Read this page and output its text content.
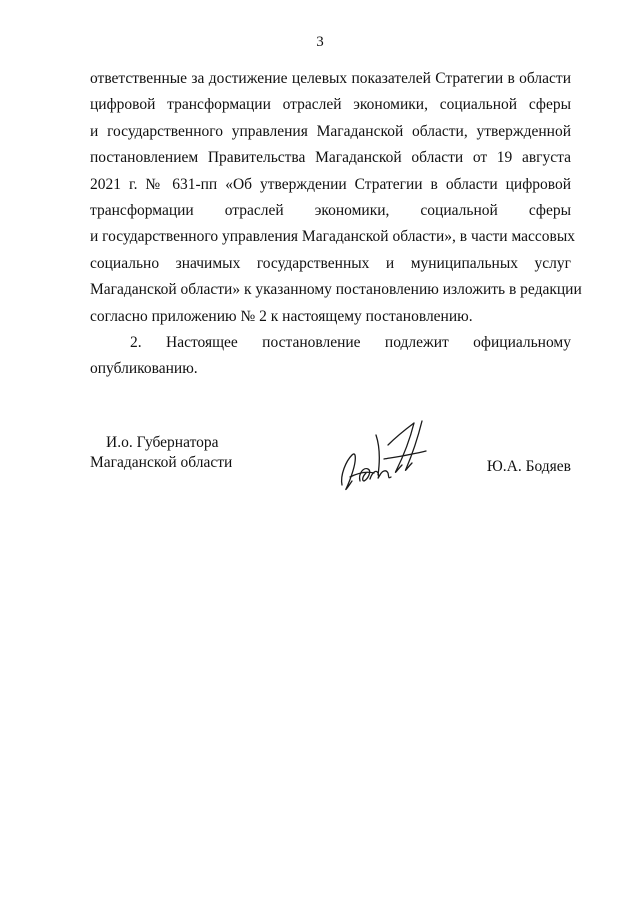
3
ответственные за достижение целевых показателей Стратегии в области
цифровой трансформации отраслей экономики, социальной сферы
и государственного управления Магаданской области, утвержденной
постановлением Правительства Магаданской области от 19 августа
2021 г. № 631-пп «Об утверждении Стратегии в области цифровой
трансформации отраслей экономики, социальной сферы
и государственного управления Магаданской области», в части массовых
социально значимых государственных и муниципальных услуг
Магаданской области» к указанному постановлению изложить в редакции
согласно приложению № 2 к настоящему постановлению.
2. Настоящее постановление подлежит официальному
опубликованию.
И.о. Губернатора
Магаданской области	Ю.А. Бодяев
